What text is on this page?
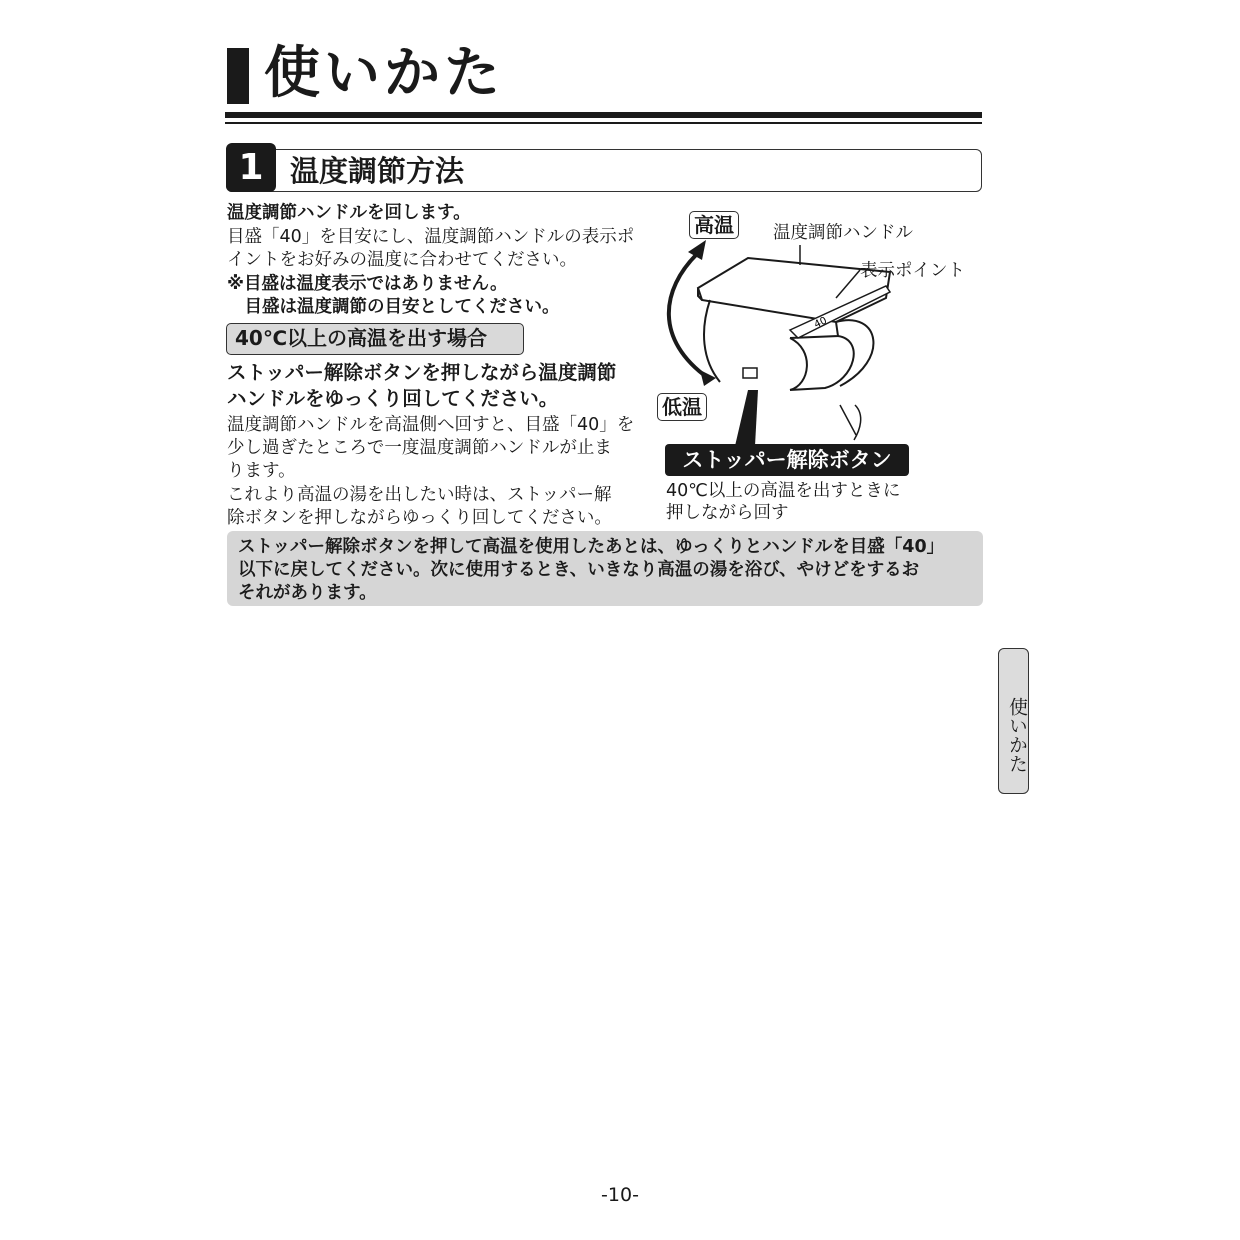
使いかた
1 温度調節方法
温度調節ハンドルを回します。
目盛「40」を目安にし、温度調節ハンドルの表示ポ
イントをお好みの温度に合わせてください。
※目盛は温度表示ではありません。
　目盛は温度調節の目安としてください。
40℃以上の高温を出す場合
ストッパー解除ボタンを押しながら温度調節
ハンドルをゆっくり回してください。
温度調節ハンドルを高温側へ回すと、目盛「40」を
少し過ぎたところで一度温度調節ハンドルが止ま
ります。
これより高温の湯を出したい時は、ストッパー解
除ボタンを押しながらゆっくり回してください。
40
高温
低温
温度調節ハンドル
表示ポイント
ストッパー解除ボタン
40℃以上の高温を出すときに
押しながら回す
ストッパー解除ボタンを押して高温を使用したあとは、ゆっくりとハンドルを目盛「40」
以下に戻してください。次に使用するとき、いきなり高温の湯を浴び、やけどをするお
それがあります。
使いかた
-10-
